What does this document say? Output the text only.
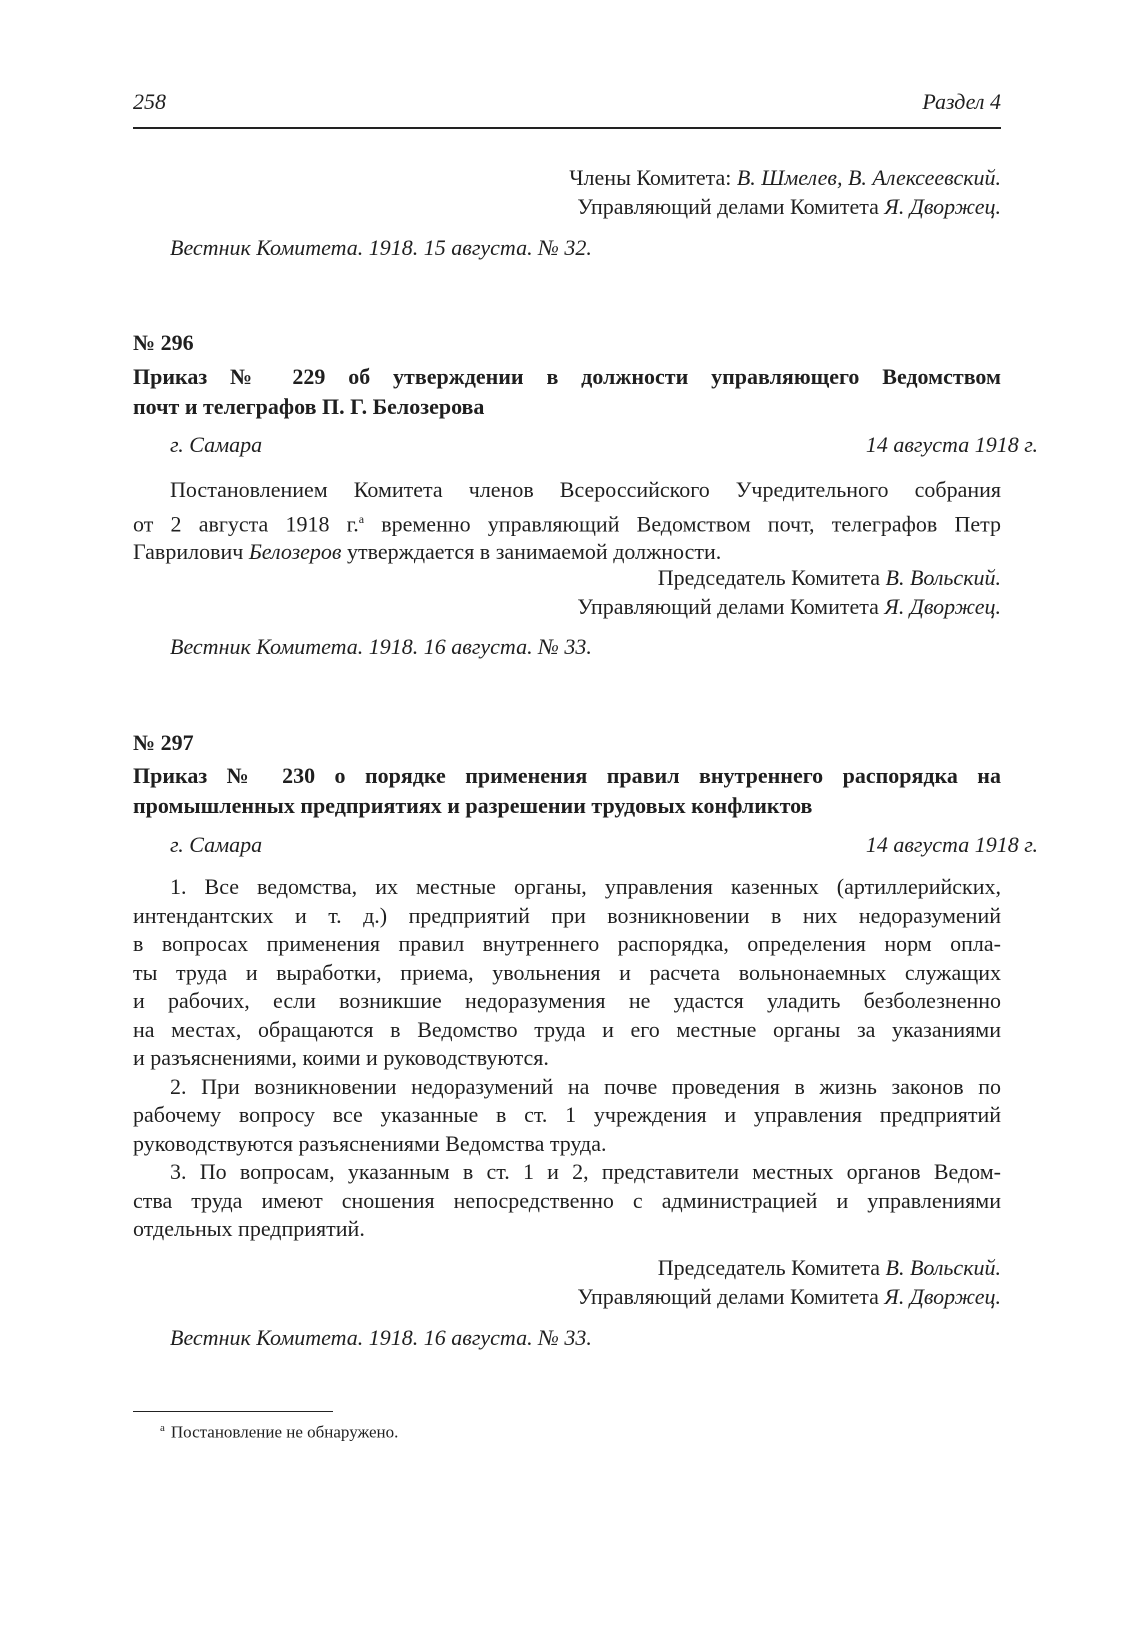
258	Раздел 4
Члены Комитета: В. Шмелев, В. Алексеевский.
Управляющий делами Комитета Я. Дворжец.
Вестник Комитета. 1918. 15 августа. № 32.
№ 296
Приказ № 229 об утверждении в должности управляющего Ведомством
почт и телеграфов П. Г. Белозерова
г. Самара	14 августа 1918 г.
Постановлением Комитета членов Всероссийского Учредительного собрания
от 2 августа 1918 г.$^а$ временно управляющий Ведомством почт, телеграфов Петр
Гаврилович Белозеров утверждается в занимаемой должности.
Председатель Комитета В. Вольский.
Управляющий делами Комитета Я. Дворжец.
Вестник Комитета. 1918. 16 августа. № 33.
№ 297
Приказ № 230 о порядке применения правил внутреннего распорядка на
промышленных предприятиях и разрешении трудовых конфликтов
г. Самара	14 августа 1918 г.
1. Все ведомства, их местные органы, управления казенных (артиллерийских,
интендантских и т. д.) предприятий при возникновении в них недоразумений
в вопросах применения правил внутреннего распорядка, определения норм опла-
ты труда и выработки, приема, увольнения и расчета вольнонаемных служащих
и рабочих, если возникшие недоразумения не удастся уладить безболезненно
на местах, обращаются в Ведомство труда и его местные органы за указаниями
и разъяснениями, коими и руководствуются.
2. При возникновении недоразумений на почве проведения в жизнь законов по
рабочему вопросу все указанные в ст. 1 учреждения и управления предприятий
руководствуются разъяснениями Ведомства труда.
3. По вопросам, указанным в ст. 1 и 2, представители местных органов Ведом-
ства труда имеют сношения непосредственно с администрацией и управлениями
отдельных предприятий.
Председатель Комитета В. Вольский.
Управляющий делами Комитета Я. Дворжец.
Вестник Комитета. 1918. 16 августа. № 33.
$^а$ Постановление не обнаружено.
